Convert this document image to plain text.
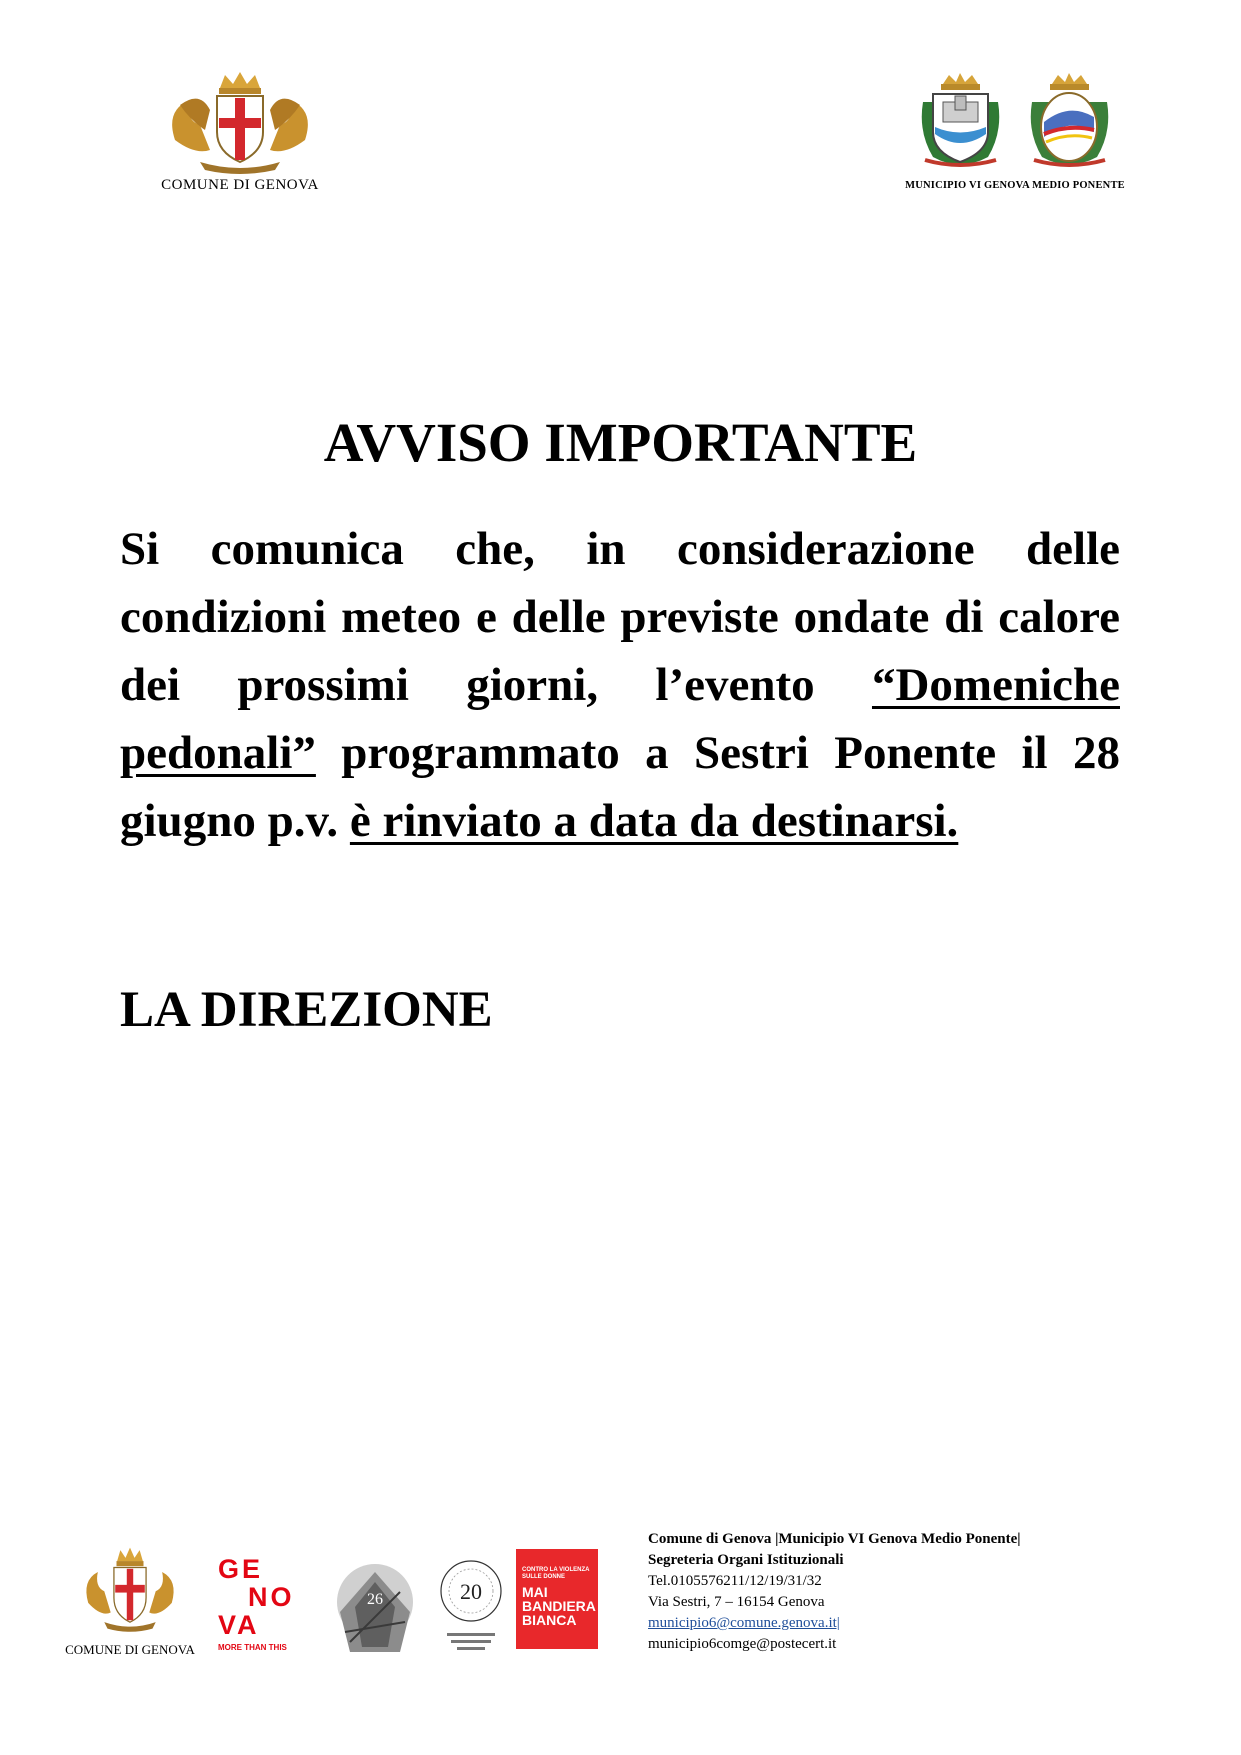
COMUNE DI GENOVA	MUNICIPIO VI GENOVA MEDIO PONENTE
AVVISO IMPORTANTE
Si comunica che, in considerazione delle condizioni meteo e delle previste ondate di calore dei prossimi giorni, l’evento “Domeniche pedonali” programmato a Sestri Ponente il 28 giugno p.v. è rinviato a data da destinarsi.
LA DIREZIONE
COMUNE DI GENOVA
GE
NO
VA
MORE THAN THIS
26	20
CONTRO LA VIOLENZA SULLE DONNE
MAI
BANDIERA
BIANCA
Comune di Genova |Municipio VI Genova Medio Ponente|
Segreteria Organi Istituzionali
Tel.0105576211/12/19/31/32
Via Sestri, 7 – 16154 Genova
municipio6@comune.genova.it|
municipio6comge@postecert.it
